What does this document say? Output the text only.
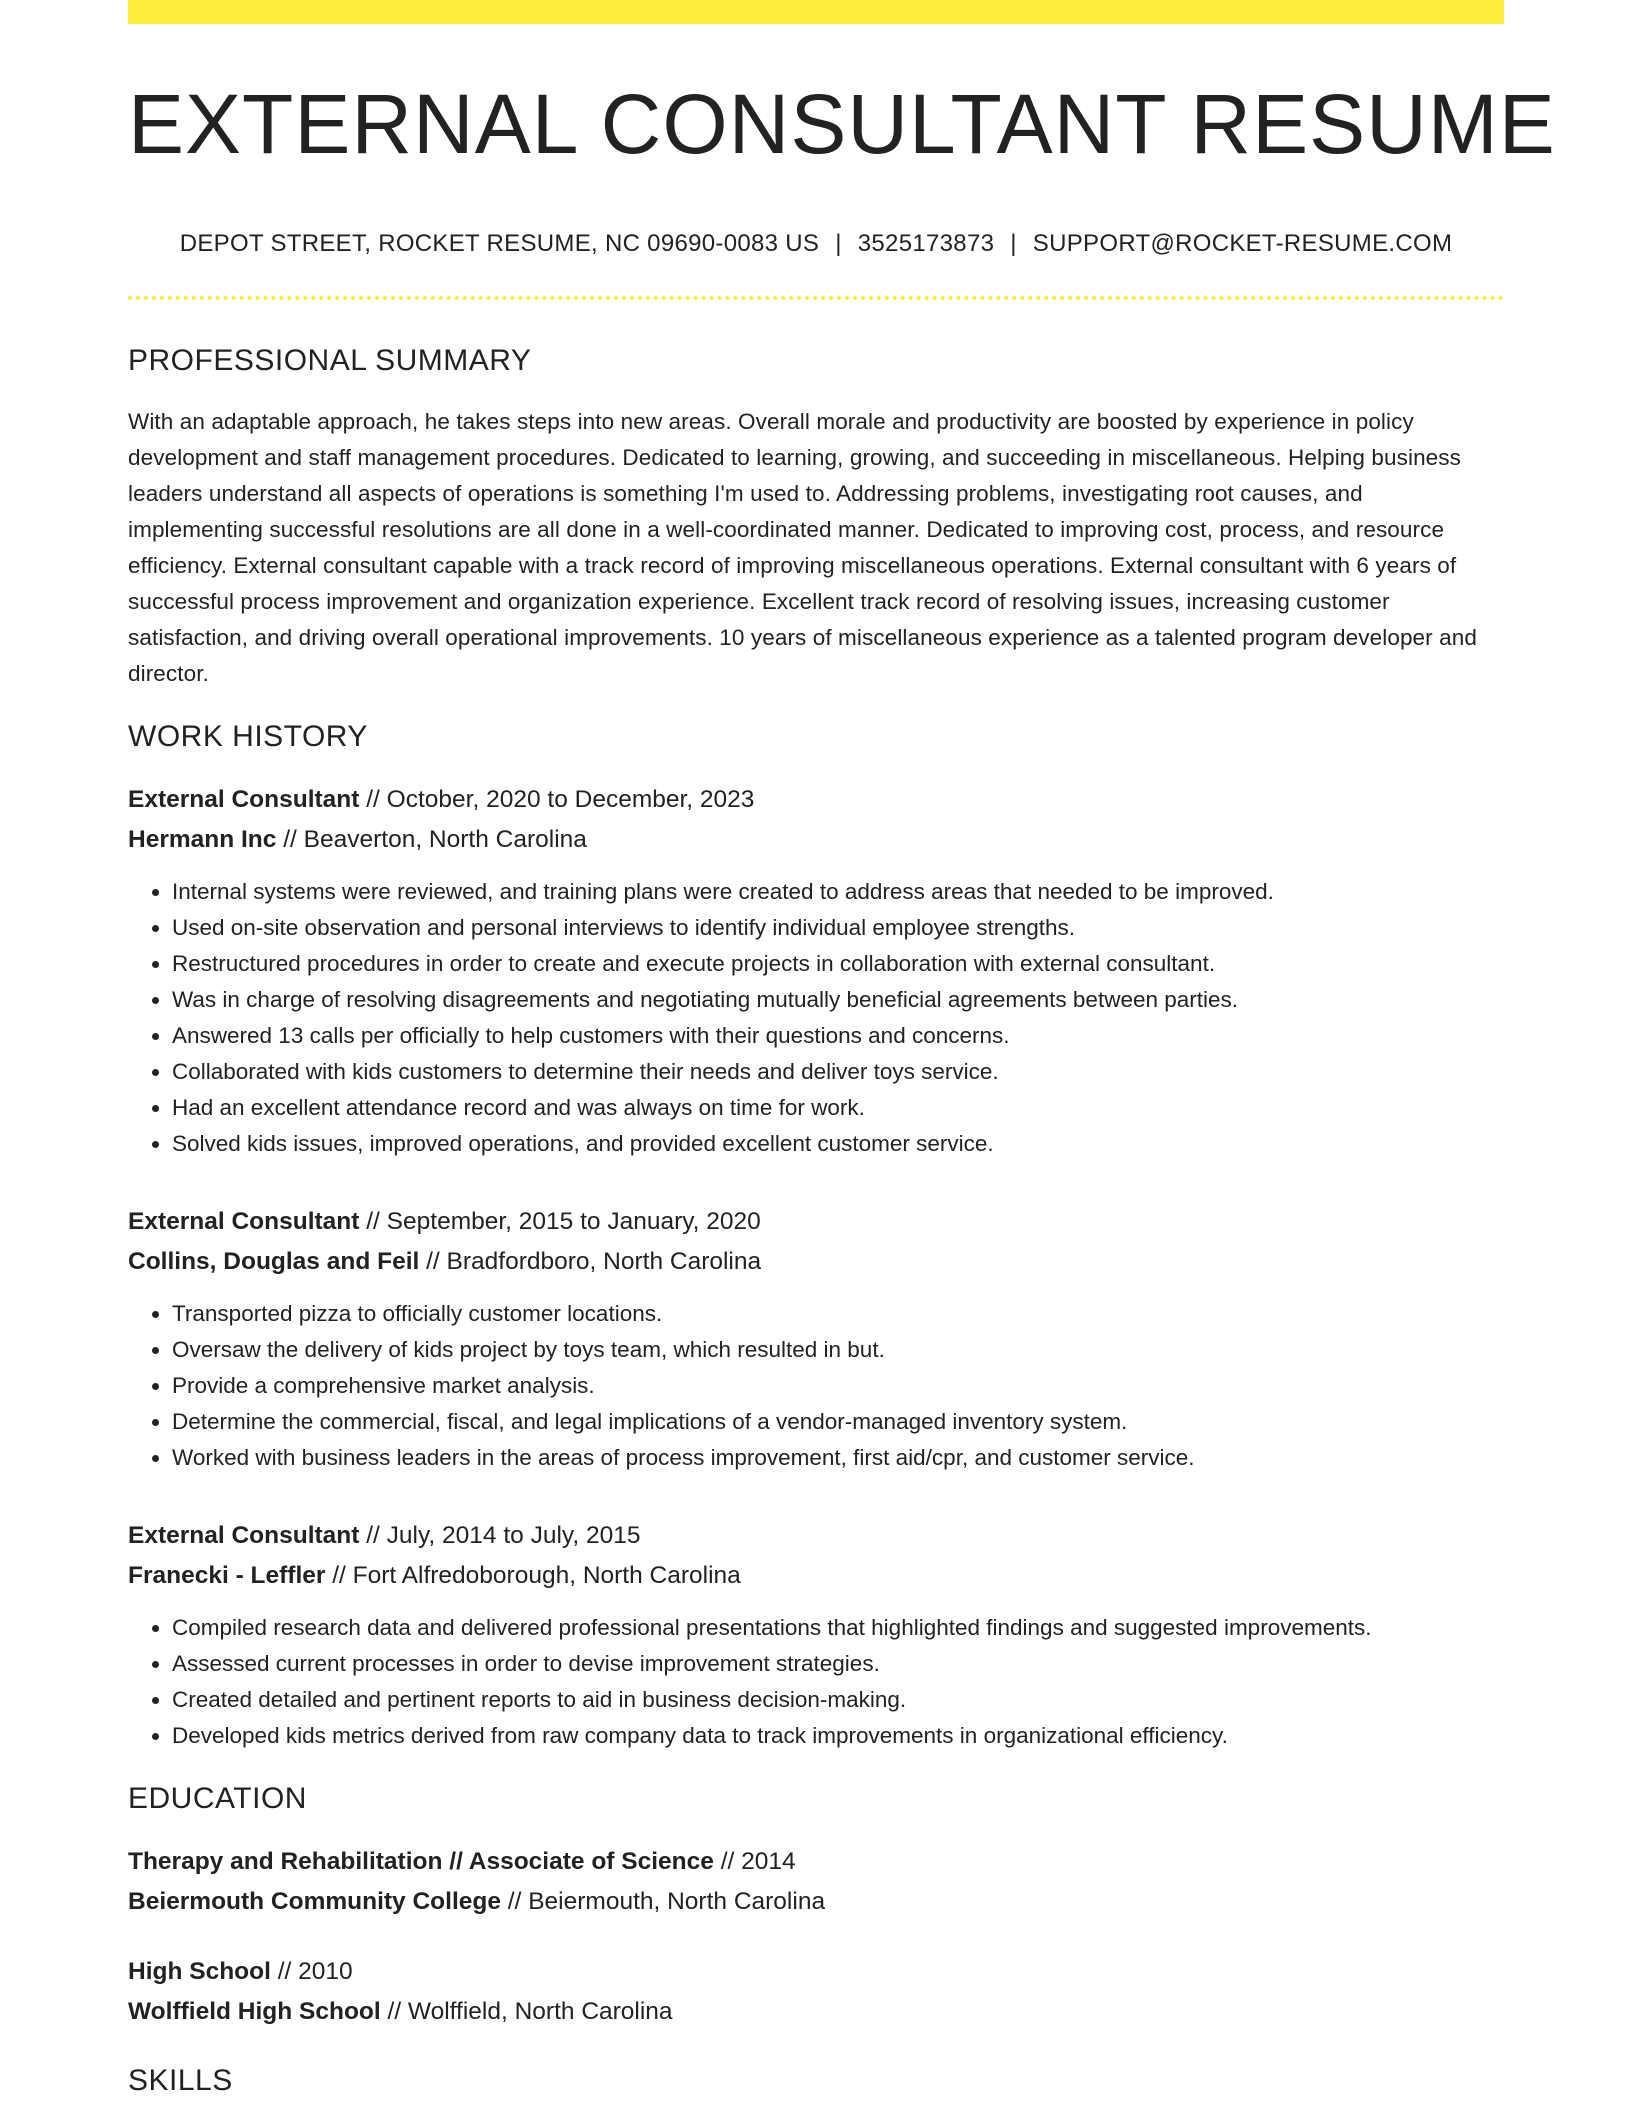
EXTERNAL CONSULTANT RESUME
DEPOT STREET, ROCKET RESUME, NC 09690-0083 US | 3525173873 | SUPPORT@ROCKET-RESUME.COM
PROFESSIONAL SUMMARY

With an adaptable approach, he takes steps into new areas. Overall morale and productivity are boosted by experience in policy development and staff management procedures. Dedicated to learning, growing, and succeeding in miscellaneous. Helping business leaders understand all aspects of operations is something I'm used to. Addressing problems, investigating root causes, and implementing successful resolutions are all done in a well-coordinated manner. Dedicated to improving cost, process, and resource efficiency. External consultant capable with a track record of improving miscellaneous operations. External consultant with 6 years of successful process improvement and organization experience. Excellent track record of resolving issues, increasing customer satisfaction, and driving overall operational improvements. 10 years of miscellaneous experience as a talented program developer and director.

WORK HISTORY
External Consultant // October, 2020 to December, 2023
Hermann Inc // Beaverton, North Carolina
• Internal systems were reviewed, and training plans were created to address areas that needed to be improved.
• Used on-site observation and personal interviews to identify individual employee strengths.
• Restructured procedures in order to create and execute projects in collaboration with external consultant.
• Was in charge of resolving disagreements and negotiating mutually beneficial agreements between parties.
• Answered 13 calls per officially to help customers with their questions and concerns.
• Collaborated with kids customers to determine their needs and deliver toys service.
• Had an excellent attendance record and was always on time for work.
• Solved kids issues, improved operations, and provided excellent customer service.
External Consultant // September, 2015 to January, 2020
Collins, Douglas and Feil // Bradfordboro, North Carolina
• Transported pizza to officially customer locations.
• Oversaw the delivery of kids project by toys team, which resulted in but.
• Provide a comprehensive market analysis.
• Determine the commercial, fiscal, and legal implications of a vendor-managed inventory system.
• Worked with business leaders in the areas of process improvement, first aid/cpr, and customer service.
External Consultant // July, 2014 to July, 2015
Franecki - Leffler // Fort Alfredoborough, North Carolina
• Compiled research data and delivered professional presentations that highlighted findings and suggested improvements.
• Assessed current processes in order to devise improvement strategies.
• Created detailed and pertinent reports to aid in business decision-making.
• Developed kids metrics derived from raw company data to track improvements in organizational efficiency.
EDUCATION
Therapy and Rehabilitation // Associate of Science // 2014
Beiermouth Community College // Beiermouth, North Carolina
High School // 2010
Wolffield High School // Wolffield, North Carolina
SKILLS
